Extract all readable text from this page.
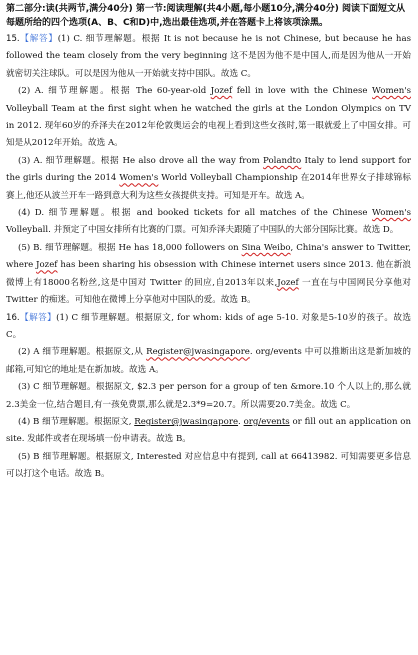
第二部分:读(共两节,满分40分) 第一节:阅读理解(共4小题,每小题10分,满分40分) 阅读下面短文从每题所给的四个选项(A、B、C和D)中,选出最佳选项,并在答题卡上将该项涂黑。

15.【解答】(1) C. 细节理解题。根据 It is not because he is not Chinese, but because he has followed the team closely from the very beginning 这不是因为他不是中国人,而是因为他从一开始就密切关注球队。可以是因为他从一开始就支持中国队。故选 C。

(2) A. 细节理解题。根据 The 60-year-old Jozef fell in love with the Chinese Women's Volleyball Team at the first sight when he watched the girls at the London Olympics on TV in 2012. 现年60岁的乔泽夫在2012年伦敦奥运会的电视上看到这些女孩时,第一眼就爱上了中国女排。可知是从2012年开始。故选 A。

(3) A. 细节理解题。根据 He also drove all the way from Polandto Italy to lend support for the girls during the 2014 Women's World Volleyball Championship 在2014年世界女子排球锦标赛上,他还从波兰开车一路到意大利为这些女孩提供支持。可知是开车。故选 A。

(4) D. 细节理解题。根据 and booked tickets for all matches of the Chinese Women's Volleyball. 并预定了中国女排所有比赛的门票。可知乔泽夫跟随了中国队的大部分国际比赛。故选 D。

(5) B. 细节理解题。根据 He has 18,000 followers on Sina Weibo, China's answer to Twitter, where Jozef has been sharing his obsession with Chinese internet users since 2013. 他在新浪微博上有18000名粉丝,这是中国对 Twitter 的回应,自2013年以来,Jozef 一直在与中国网民分享他对 Twitter 的痴迷。可知他在微博上分享他对中国队的爱。故选 B。

16.【解答】(1) C 细节理解题。根据原文, for whom: kids of age 5-10. 对象是5-10岁的孩子。故选 C。

(2) A 细节理解题。根据原文,从 Register@jwasingapore. org/events 中可以推断出这是新加坡的邮箱,可知它的地址是在新加坡。故选 A。

(3) C 细节理解题。根据原文, $2.3 per person for a group of ten &more.10 个人以上的,那么就2.3美金一位,结合题目,有一孩免费票,那么就是2.3*9=20.7。所以需要20.7美金。故选 C。

(4) B 细节理解题。根据原文, Register@jwasingapore. org/events or fill out an application on site. 发邮件或者在现场填一份申请表。故选 B。

(5) B 细节理解题。根据原文, Interested 对应信息中有提到, call at 66413982. 可知需要更多信息可以打这个电话。故选 B。
